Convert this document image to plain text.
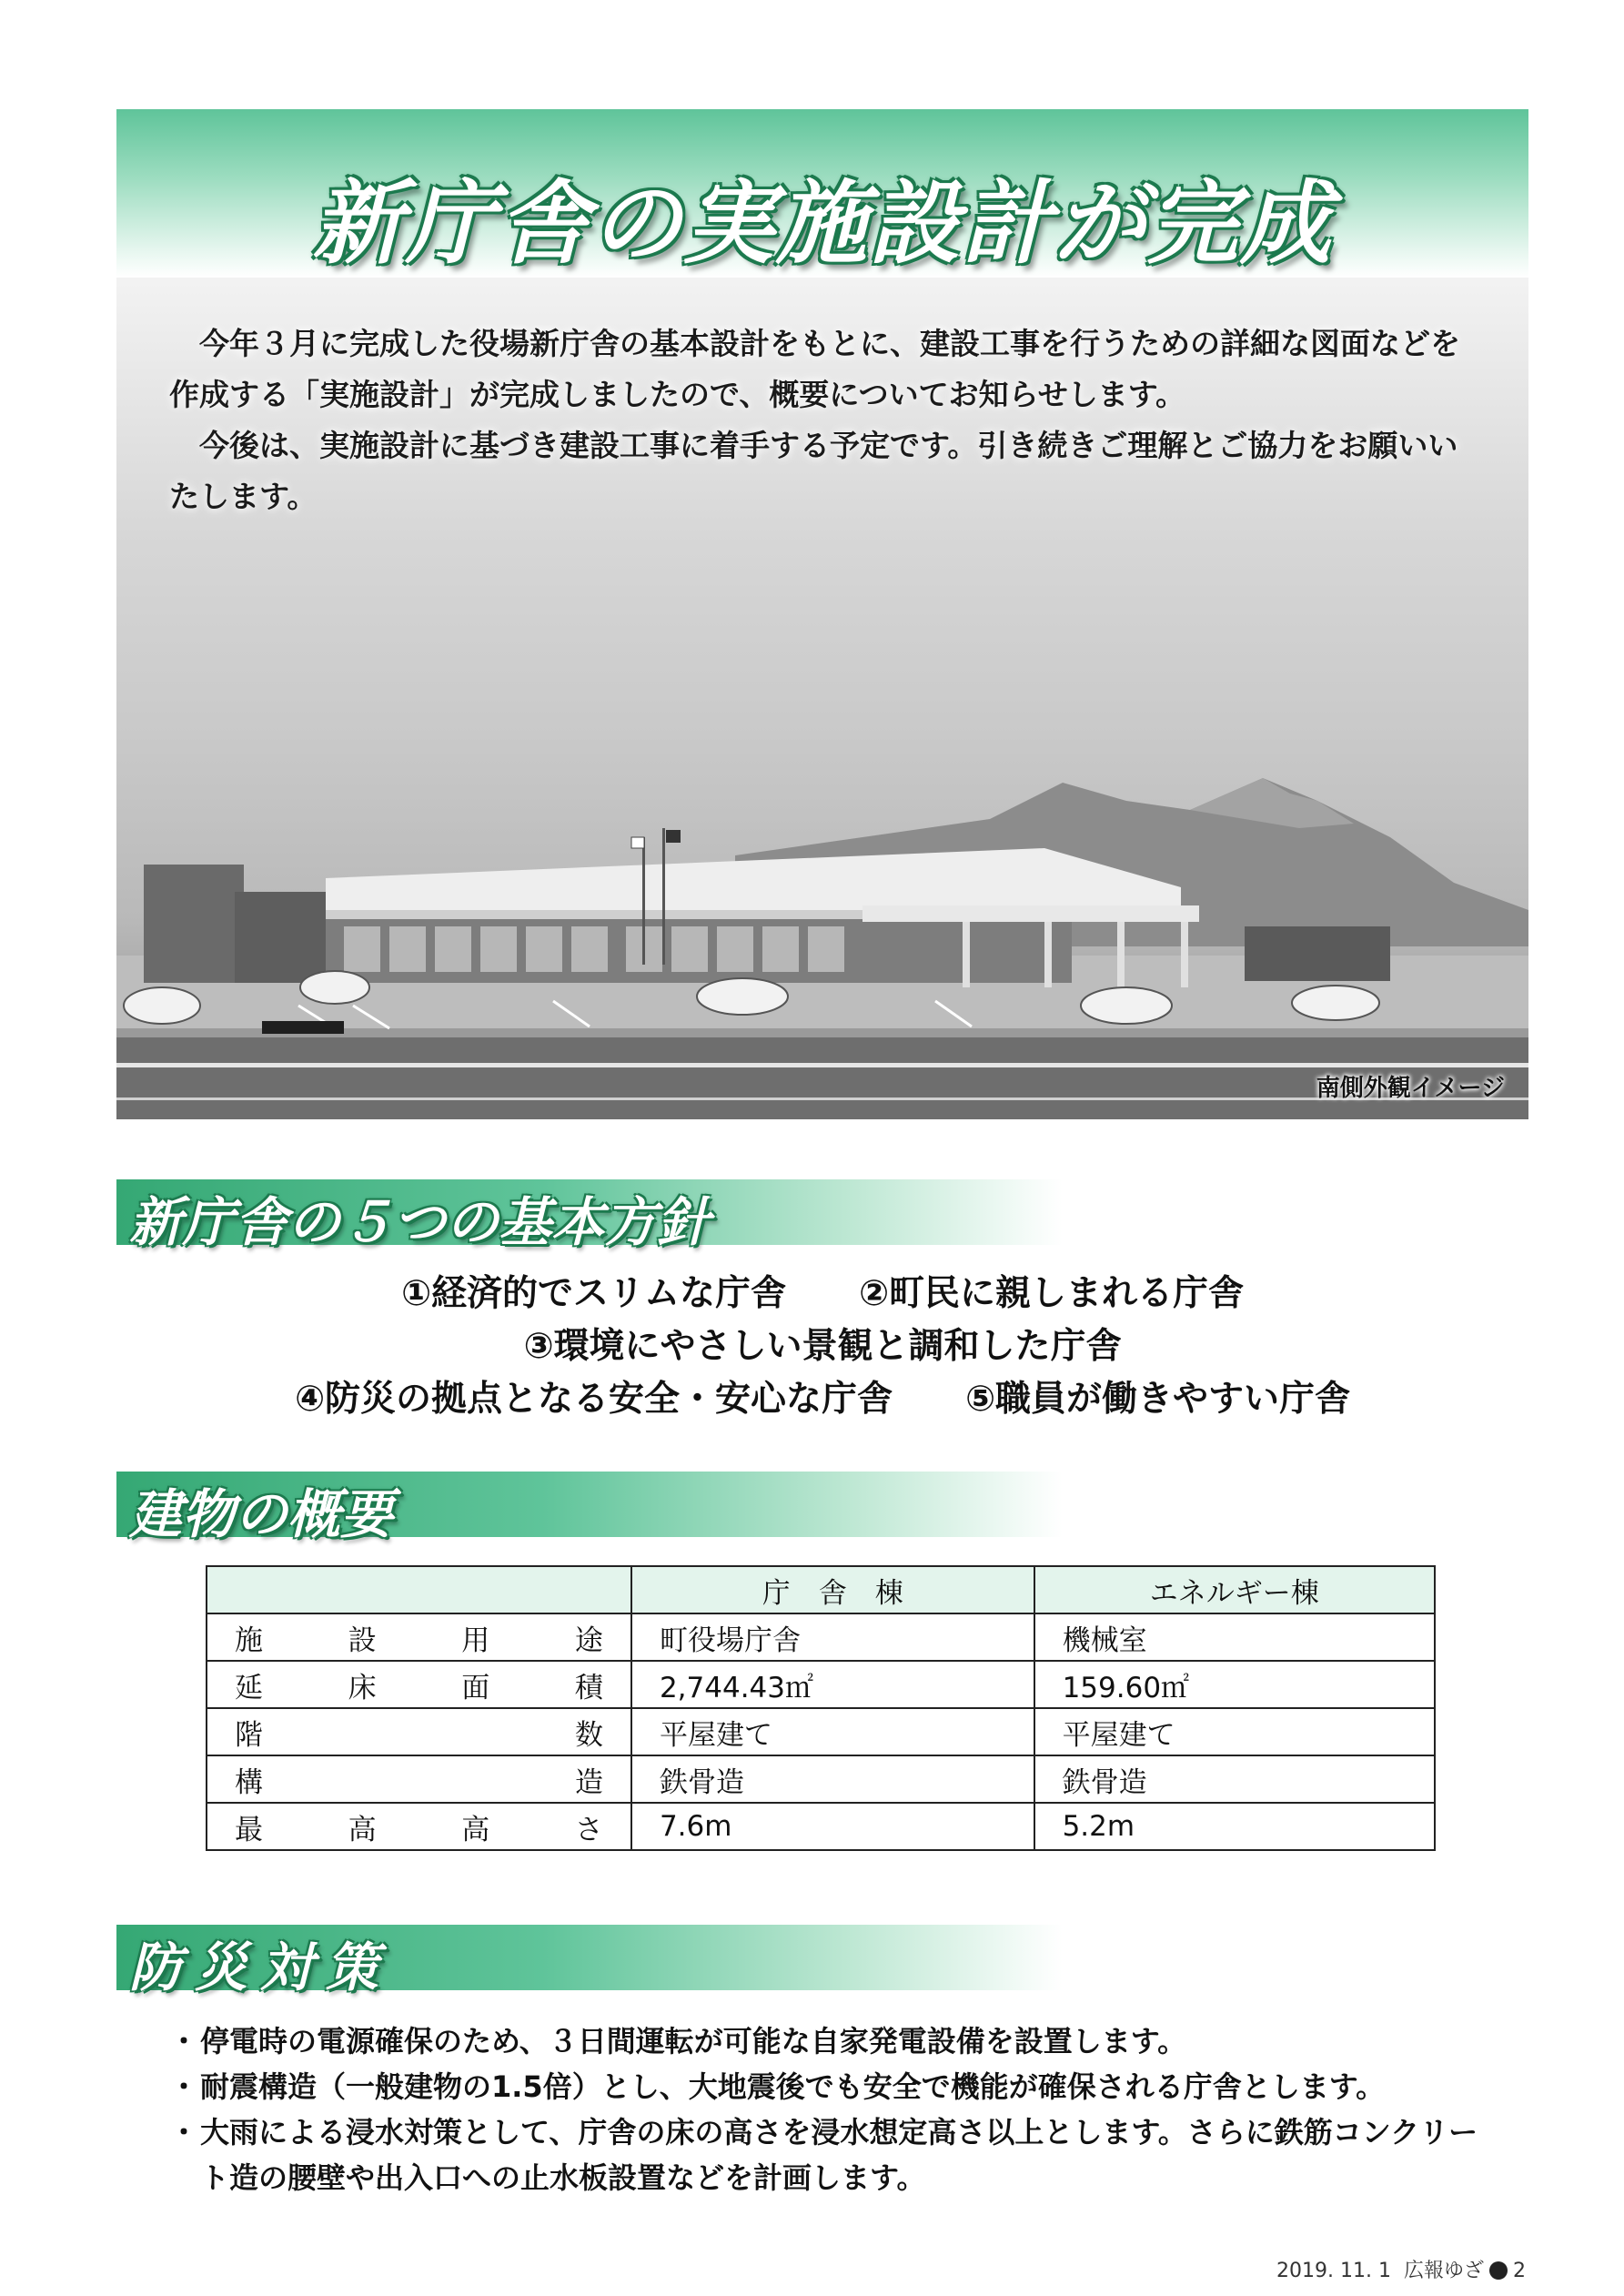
新庁舎の実施設計が完成

今年３月に完成した役場新庁舎の基本設計をもとに、建設工事を行うための詳細な図面などを作成する「実施設計」が完成しましたので、概要についてお知らせします。

今後は、実施設計に基づき建設工事に着手する予定です。引き続きご理解とご協力をお願いいたします。

南側外観イメージ
新庁舎の５つの基本方針
①経済的でスリムな庁舎 ②町民に親しまれる庁舎
③環境にやさしい景観と調和した庁舎
④防災の拠点となる安全・安心な庁舎 ⑤職員が働きやすい庁舎
建物の概要
	庁　舎　棟	エネルギー棟

施 設 用 途	町役場庁舎	機械室

延 床 面 積	2,744.43㎡	159.60㎡

階 数	平屋建て	平屋建て

構 造	鉄骨造	鉄骨造

最 高 高 さ	7.6m	5.2m
防災対策
・ 停電時の電源確保のため、３日間運転が可能な自家発電設備を設置します。
・ 耐震構造（一般建物の1.5倍）とし、大地震後でも安全で機能が確保される庁舎とします。
・ 大雨による浸水対策として、庁舎の床の高さを浸水想定高さ以上とします。さらに鉄筋コンクリート造の腰壁や出入口への止水板設置などを計画します。
2019. 11. 1 広報ゆざ 2
